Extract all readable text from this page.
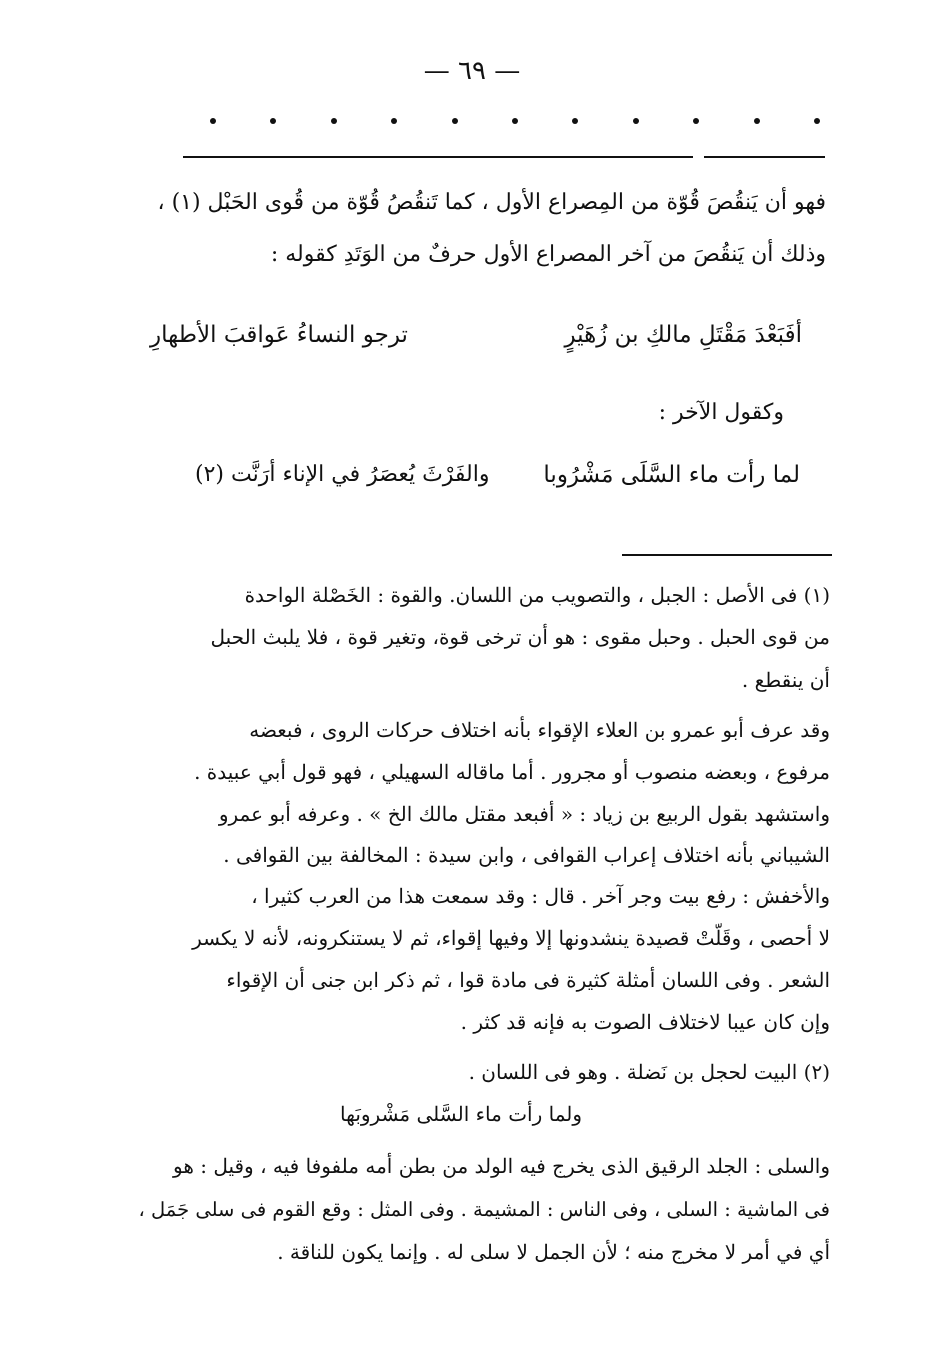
— ٦٩ —
فهو أن يَنقُصَ قُوّة من المِصراع الأول ، كما تَنقُصُ قُوّة من قُوى الحَبْل (١) ،
وذلك أن يَنقُصَ من آخر المصراع الأول حرفٌ من الوَتَدِ كقوله :
أفَبَعْدَ مَقْتَلِ مالكِ بن زُهَيْرٍ
ترجو النساءُ عَواقبَ الأطهارِ
وكقول الآخر :
لما رأت ماء السَّلَى مَشْرُوبا
والفَرْثَ يُعصَرُ في الإناء أرَنَّت (٢)
(١) فى الأصل : الجبل ، والتصويب من اللسان. والقوة : الخَصْلة الواحدة
من قوى الحبل . وحبل مقوى : هو أن ترخى قوة، وتغير قوة ، فلا يلبث الحبل
أن ينقطع .
وقد عرف أبو عمرو بن العلاء الإقواء بأنه اختلاف حركات الروى ، فبعضه
مرفوع ، وبعضه منصوب أو مجرور . أما ماقاله السهيلي ، فهو قول أبي عبيدة .
واستشهد بقول الربيع بن زياد : « أفبعد مقتل مالك الخ » . وعرفه أبو عمرو
الشيباني بأنه اختلاف إعراب القوافى ، وابن سيدة : المخالفة بين القوافى .
والأخفش : رفع بيت وجر آخر . قال : وقد سمعت هذا من العرب كثيرا ،
لا أحصى ، وقَلّتْ قصيدة ينشدونها إلا وفيها إقواء، ثم لا يستنكرونه، لأنه لا يكسر
الشعر . وفى اللسان أمثلة كثيرة فى مادة قوا ، ثم ذكر ابن جنى أن الإقواء
وإن كان عيبا لاختلاف الصوت به فإنه قد كثر .
(٢) البيت لحجل بن نَضلة . وهو فى اللسان .
والسلى : الجلد الرقيق الذى يخرج فيه الولد من بطن أمه ملفوفا فيه ، وقيل : هو
فى الماشية : السلى ، وفى الناس : المشيمة . وفى المثل : وقع القوم فى سلى جَمَل ،
أي في أمر لا مخرج منه ؛ لأن الجمل لا سلى له . وإنما يكون للناقة .
ولما رأت ماء السَّلى مَشْروبَها
